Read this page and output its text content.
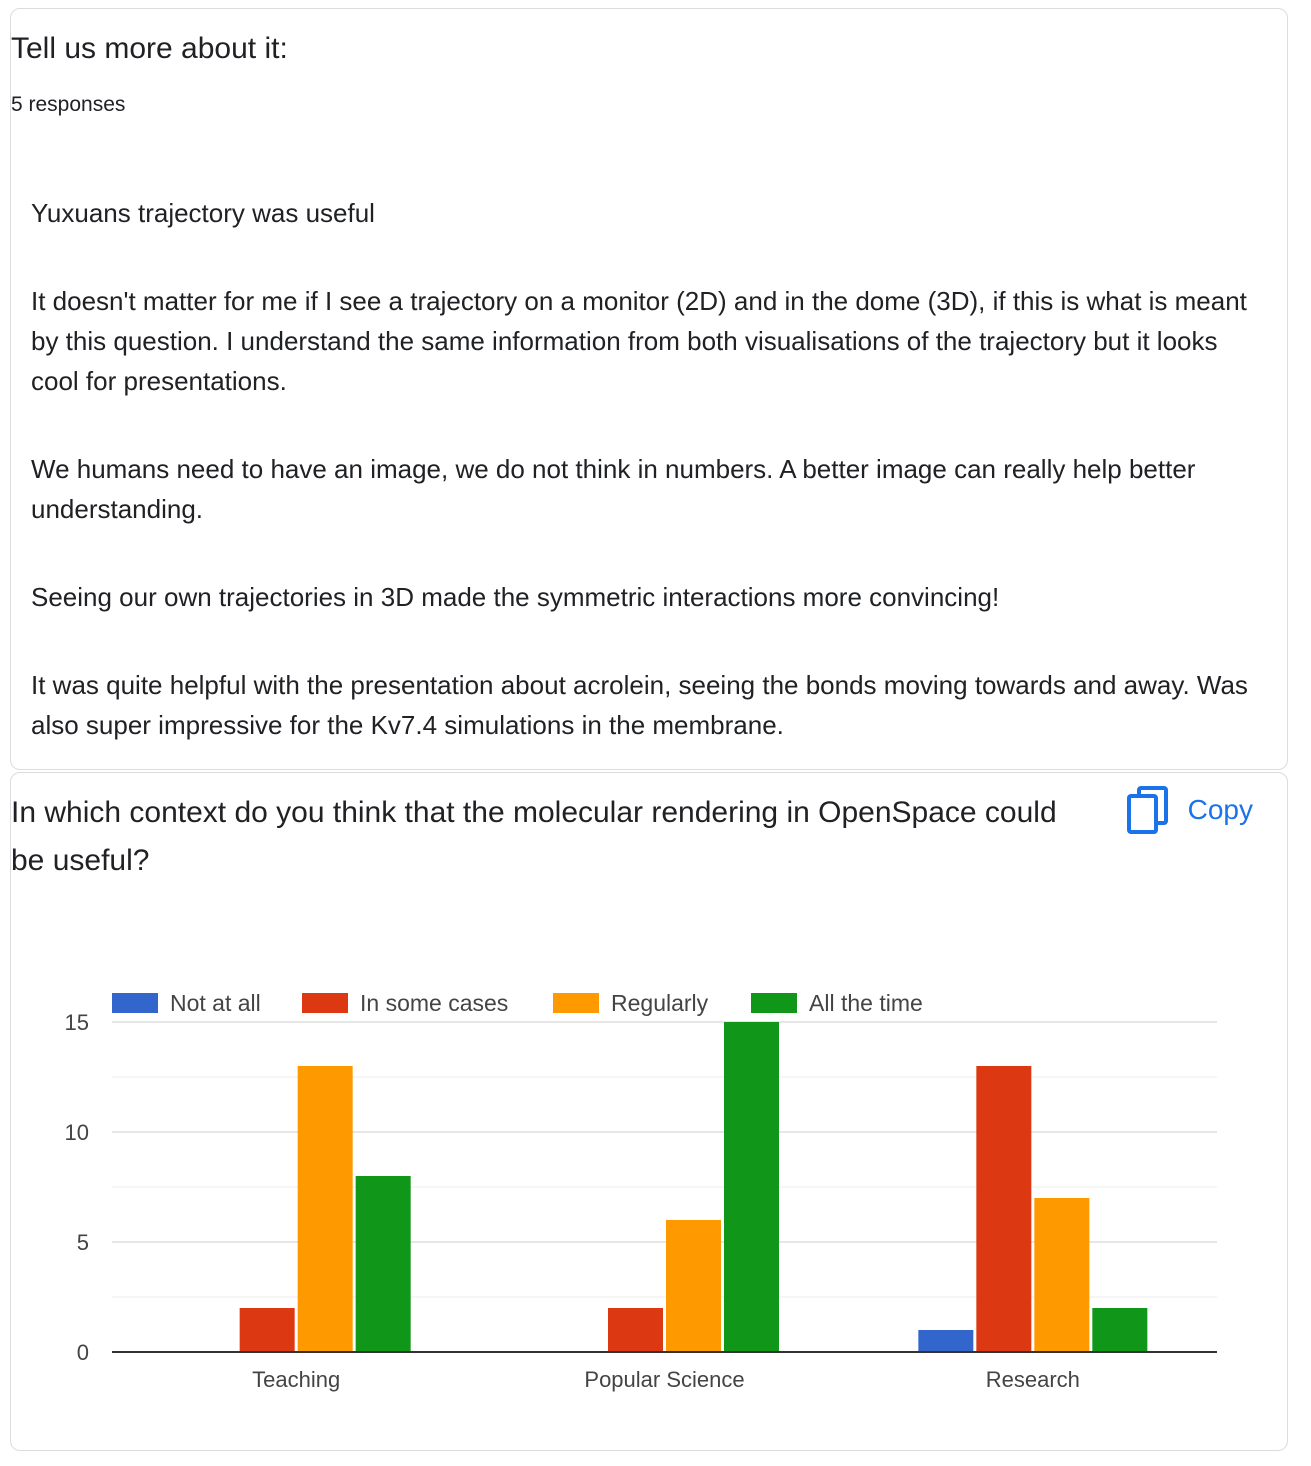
Tell us more about it:
5 responses

Yuxuans trajectory was useful

It doesn't matter for me if I see a trajectory on a monitor (2D) and in the dome (3D), if this is what is meant by this question. I understand the same information from both visualisations of the trajectory but it looks cool for presentations.

We humans need to have an image, we do not think in numbers. A better image can really help better understanding.

Seeing our own trajectories in 3D made the symmetric interactions more convincing!

It was quite helpful with the presentation about acrolein, seeing the bonds moving towards and away. Was also super impressive for the Kv7.4 simulations in the membrane.

In which context do you think that the molecular rendering in OpenSpace could be useful?
Copy
0
5
10
15
Teaching	Popular Science	Research
Not at all	In some cases	Regularly	All the time
